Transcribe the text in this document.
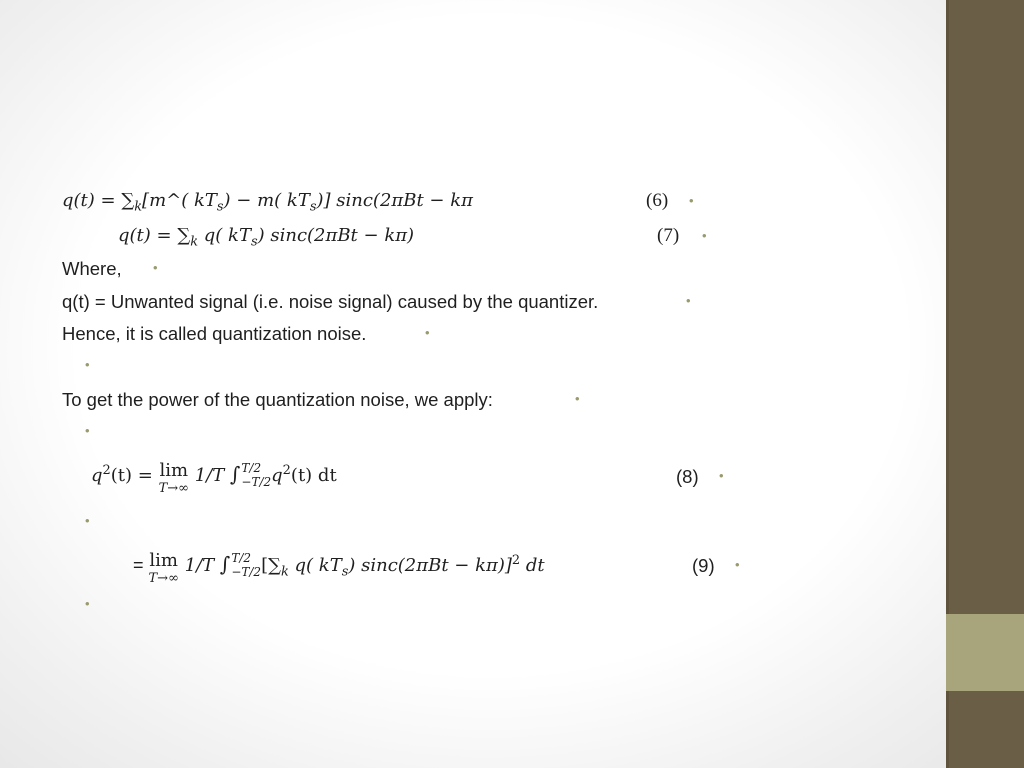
$q(t) = \sum_k[m\^{}$( $kT_s) - m$( $kT_s$)] sinc(2πBt − kπ	(6) •
$q(t) = \sum_k$ q( $kT_s$) sinc(2πBt − kπ)	(7) •
Where, •
q(t) = Unwanted signal (i.e. noise signal) caused by the quantizer.	•
Hence, it is called quantization noise.	•
•
To get the power of the quantization noise, we apply:	•
•
$q^2(t) = \lim$
T→∞
1/T ∫ T/2
−T/2 $q^2(t)$ dt	(8) •
•
= lim
T→∞
1/T ∫ T/2
−T/2 [$\sum_k$ q( $kT_s$) sinc(2πBt − kπ)]$^2$ dt	(9) •
•
